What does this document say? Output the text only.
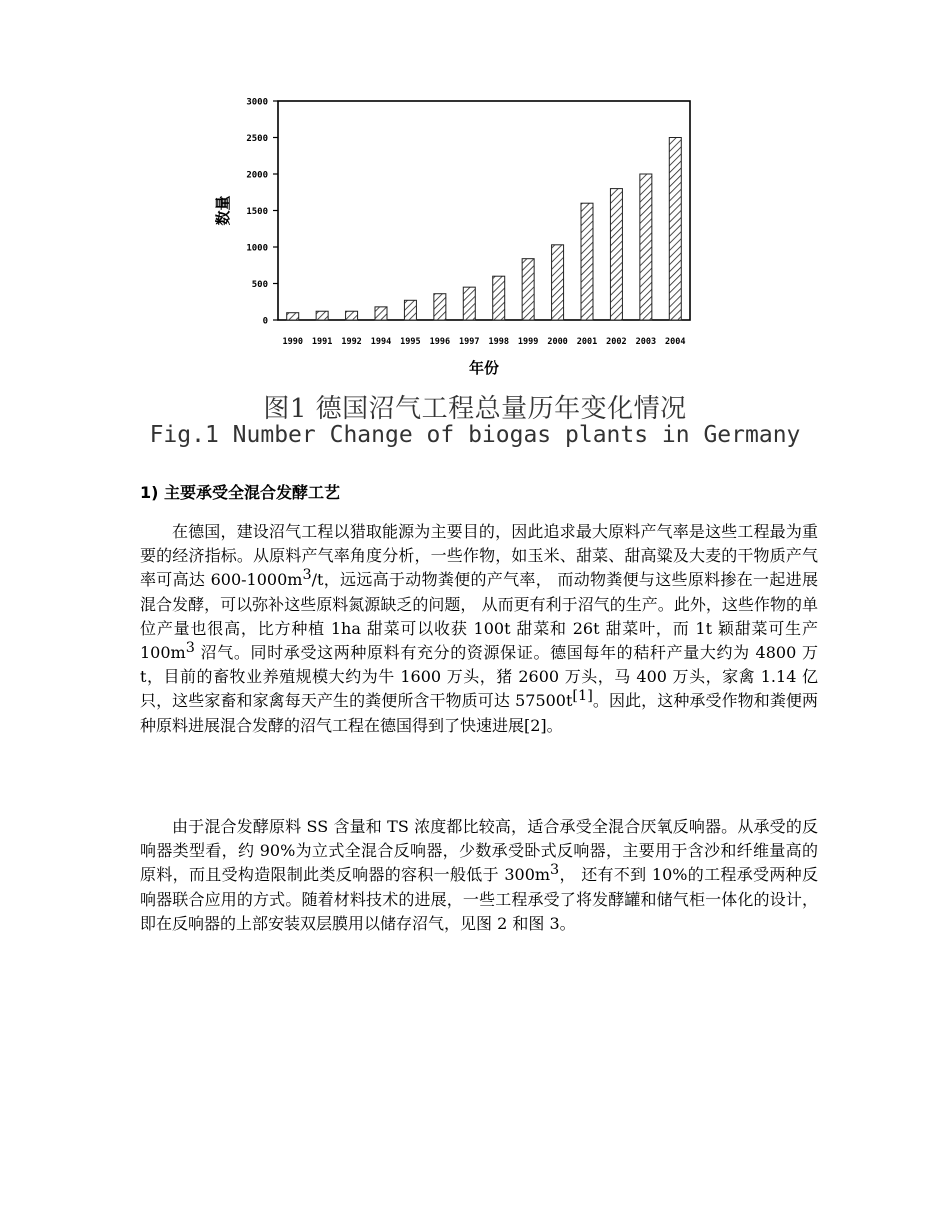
0
500
1000
1500
2000
2500
3000
1990 1991 1992 1994 1995 1996 1997 1998 1999 2000 2001 2002 2003 2004
年份
数量
图1 德国沼气工程总量历年变化情况
Fig.1 Number Change of biogas plants in Germany
1) 主要承受全混合发酵工艺

在德国，建设沼气工程以猎取能源为主要目的，因此追求最大原料产气率是这些工程最为重要的经济指标。从原料产气率角度分析，一些作物，如玉米、甜菜、甜高粱及大麦的干物质产气率可高达 $600-1000m^3/t$，远远高于动物粪便的产气率， 而动物粪便与这些原料掺在一起进展混合发酵，可以弥补这些原料氮源缺乏的问题， 从而更有利于沼气的生产。此外，这些作物的单位产量也很高，比方种植 1ha 甜菜可以收获 100t 甜菜和 26t 甜菜叶，而 1t 颖甜菜可生产 $100m^3$ 沼气。同时承受这两种原料有充分的资源保证。德国每年的秸秆产量大约为 4800 万 t，目前的畜牧业养殖规模大约为牛 1600 万头，猪 2600 万头，马 400 万头，家禽 1.14 亿只，这些家畜和家禽每天产生的粪便所含干物质可达 57500t[1]。因此，这种承受作物和粪便两种原料进展混合发酵的沼气工程在德国得到了快速进展[2]。

由于混合发酵原料 SS 含量和 TS 浓度都比较高，适合承受全混合厌氧反响器。从承受的反响器类型看，约 90%为立式全混合反响器，少数承受卧式反响器，主要用于含沙和纤维量高的原料，而且受构造限制此类反响器的容积一般低于 $300m^3$， 还有不到 10%的工程承受两种反响器联合应用的方式。随着材料技术的进展，一些工程承受了将发酵罐和储气柜一体化的设计，即在反响器的上部安装双层膜用以储存沼气，见图 2 和图 3。
